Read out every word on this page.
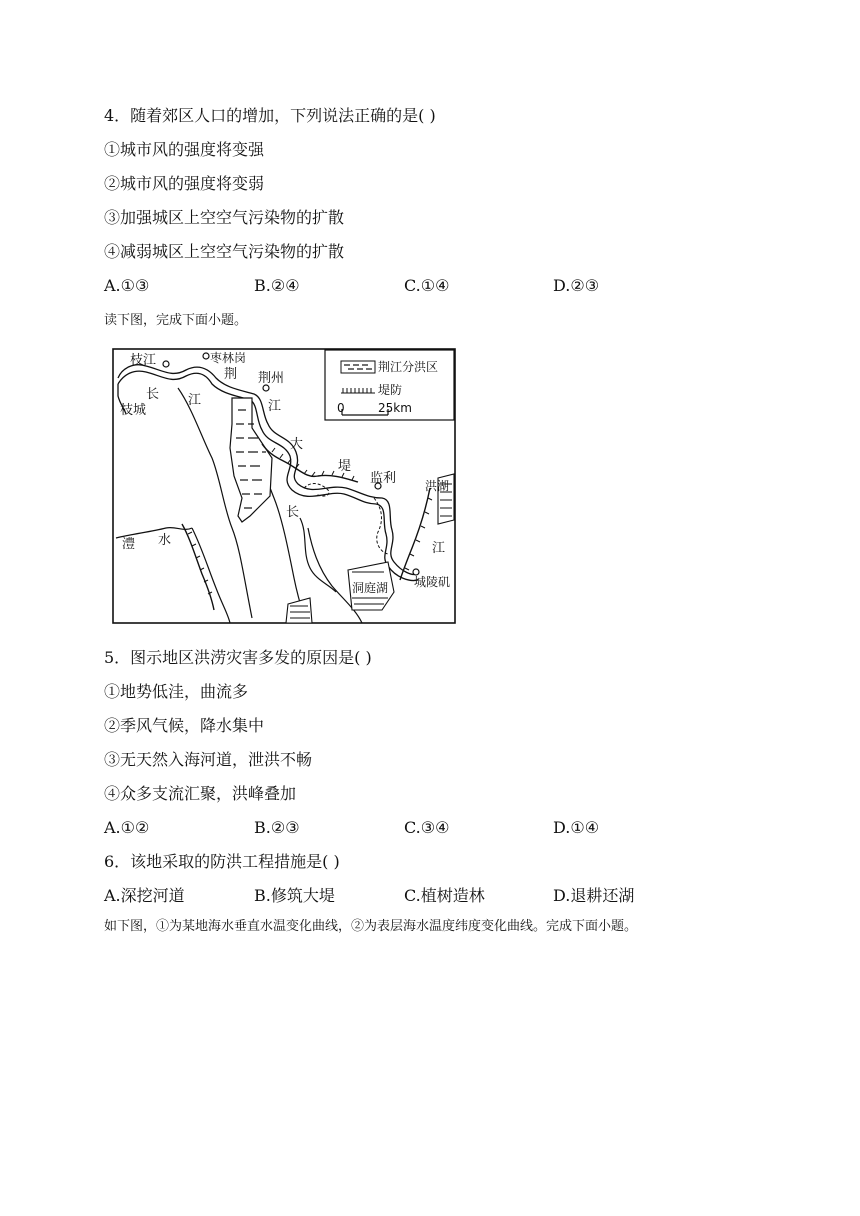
4．随着郊区人口的增加，下列说法正确的是( )
①城市风的强度将变强
②城市风的强度将变弱
③加强城区上空空气污染物的扩散
④减弱城区上空空气污染物的扩散
A.①③	B.②④	C.①④	D.②③
读下图，完成下面小题。
荆江分洪区
堤防
0	25km
枝江	枣林岗
荆 荆州
长
枝城
江	江
大
堤
监利 洪湖
长
澧 水
江
城陵矶
洞庭湖
5．图示地区洪涝灾害多发的原因是( )
①地势低洼，曲流多
②季风气候，降水集中
③无天然入海河道，泄洪不畅
④众多支流汇聚，洪峰叠加
A.①②	B.②③	C.③④	D.①④
6．该地采取的防洪工程措施是( )
A.深挖河道	B.修筑大堤	C.植树造林	D.退耕还湖
如下图，①为某地海水垂直水温变化曲线，②为表层海水温度纬度变化曲线。完成下面小题。
